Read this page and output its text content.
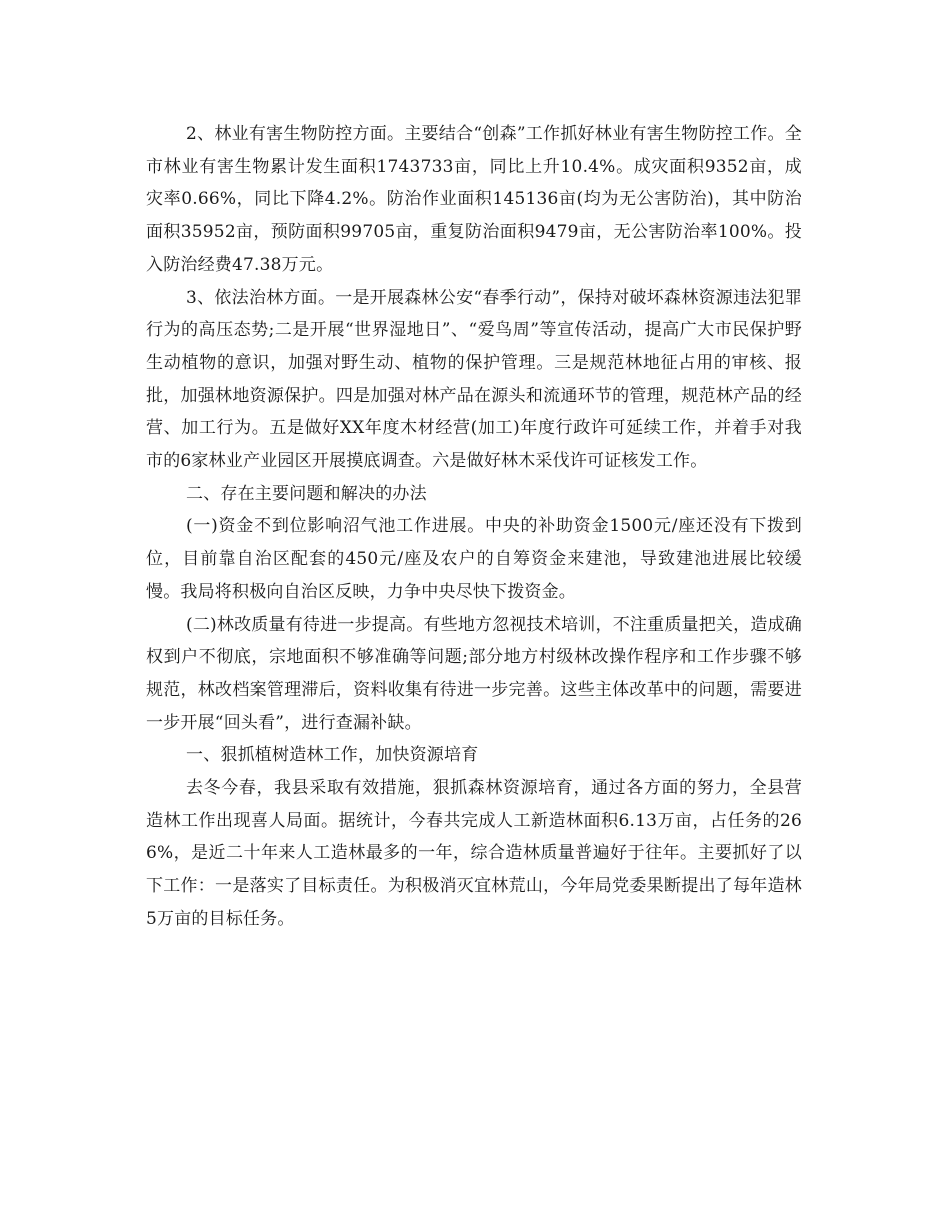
2、林业有害生物防控方面。主要结合“创森”工作抓好林业有害生物防控工作。全市林业有害生物累计发生面积1743733亩，同比上升10.4%。成灾面积9352亩，成灾率0.66%，同比下降4.2%。防治作业面积145136亩(均为无公害防治)，其中防治面积35952亩，预防面积99705亩，重复防治面积9479亩，无公害防治率100%。投入防治经费47.38万元。

3、依法治林方面。一是开展森林公安“春季行动”，保持对破坏森林资源违法犯罪行为的高压态势;二是开展“世界湿地日”、“爱鸟周”等宣传活动，提高广大市民保护野生动植物的意识，加强对野生动、植物的保护管理。三是规范林地征占用的审核、报批，加强林地资源保护。四是加强对林产品在源头和流通环节的管理，规范林产品的经营、加工行为。五是做好XX年度木材经营(加工)年度行政许可延续工作，并着手对我市的6家林业产业园区开展摸底调查。六是做好林木采伐许可证核发工作。

二、存在主要问题和解决的办法

(一)资金不到位影响沼气池工作进展。中央的补助资金1500元/座还没有下拨到位，目前靠自治区配套的450元/座及农户的自筹资金来建池，导致建池进展比较缓慢。我局将积极向自治区反映，力争中央尽快下拨资金。

(二)林改质量有待进一步提高。有些地方忽视技术培训，不注重质量把关，造成确权到户不彻底，宗地面积不够准确等问题;部分地方村级林改操作程序和工作步骤不够规范，林改档案管理滞后，资料收集有待进一步完善。这些主体改革中的问题，需要进一步开展“回头看”，进行查漏补缺。

一、狠抓植树造林工作，加快资源培育

去冬今春，我县采取有效措施，狠抓森林资源培育，通过各方面的努力，全县营造林工作出现喜人局面。据统计，今春共完成人工新造林面积6.13万亩，占任务的266%，是近二十年来人工造林最多的一年，综合造林质量普遍好于往年。主要抓好了以下工作：一是落实了目标责任。为积极消灭宜林荒山，今年局党委果断提出了每年造林5万亩的目标任务。
